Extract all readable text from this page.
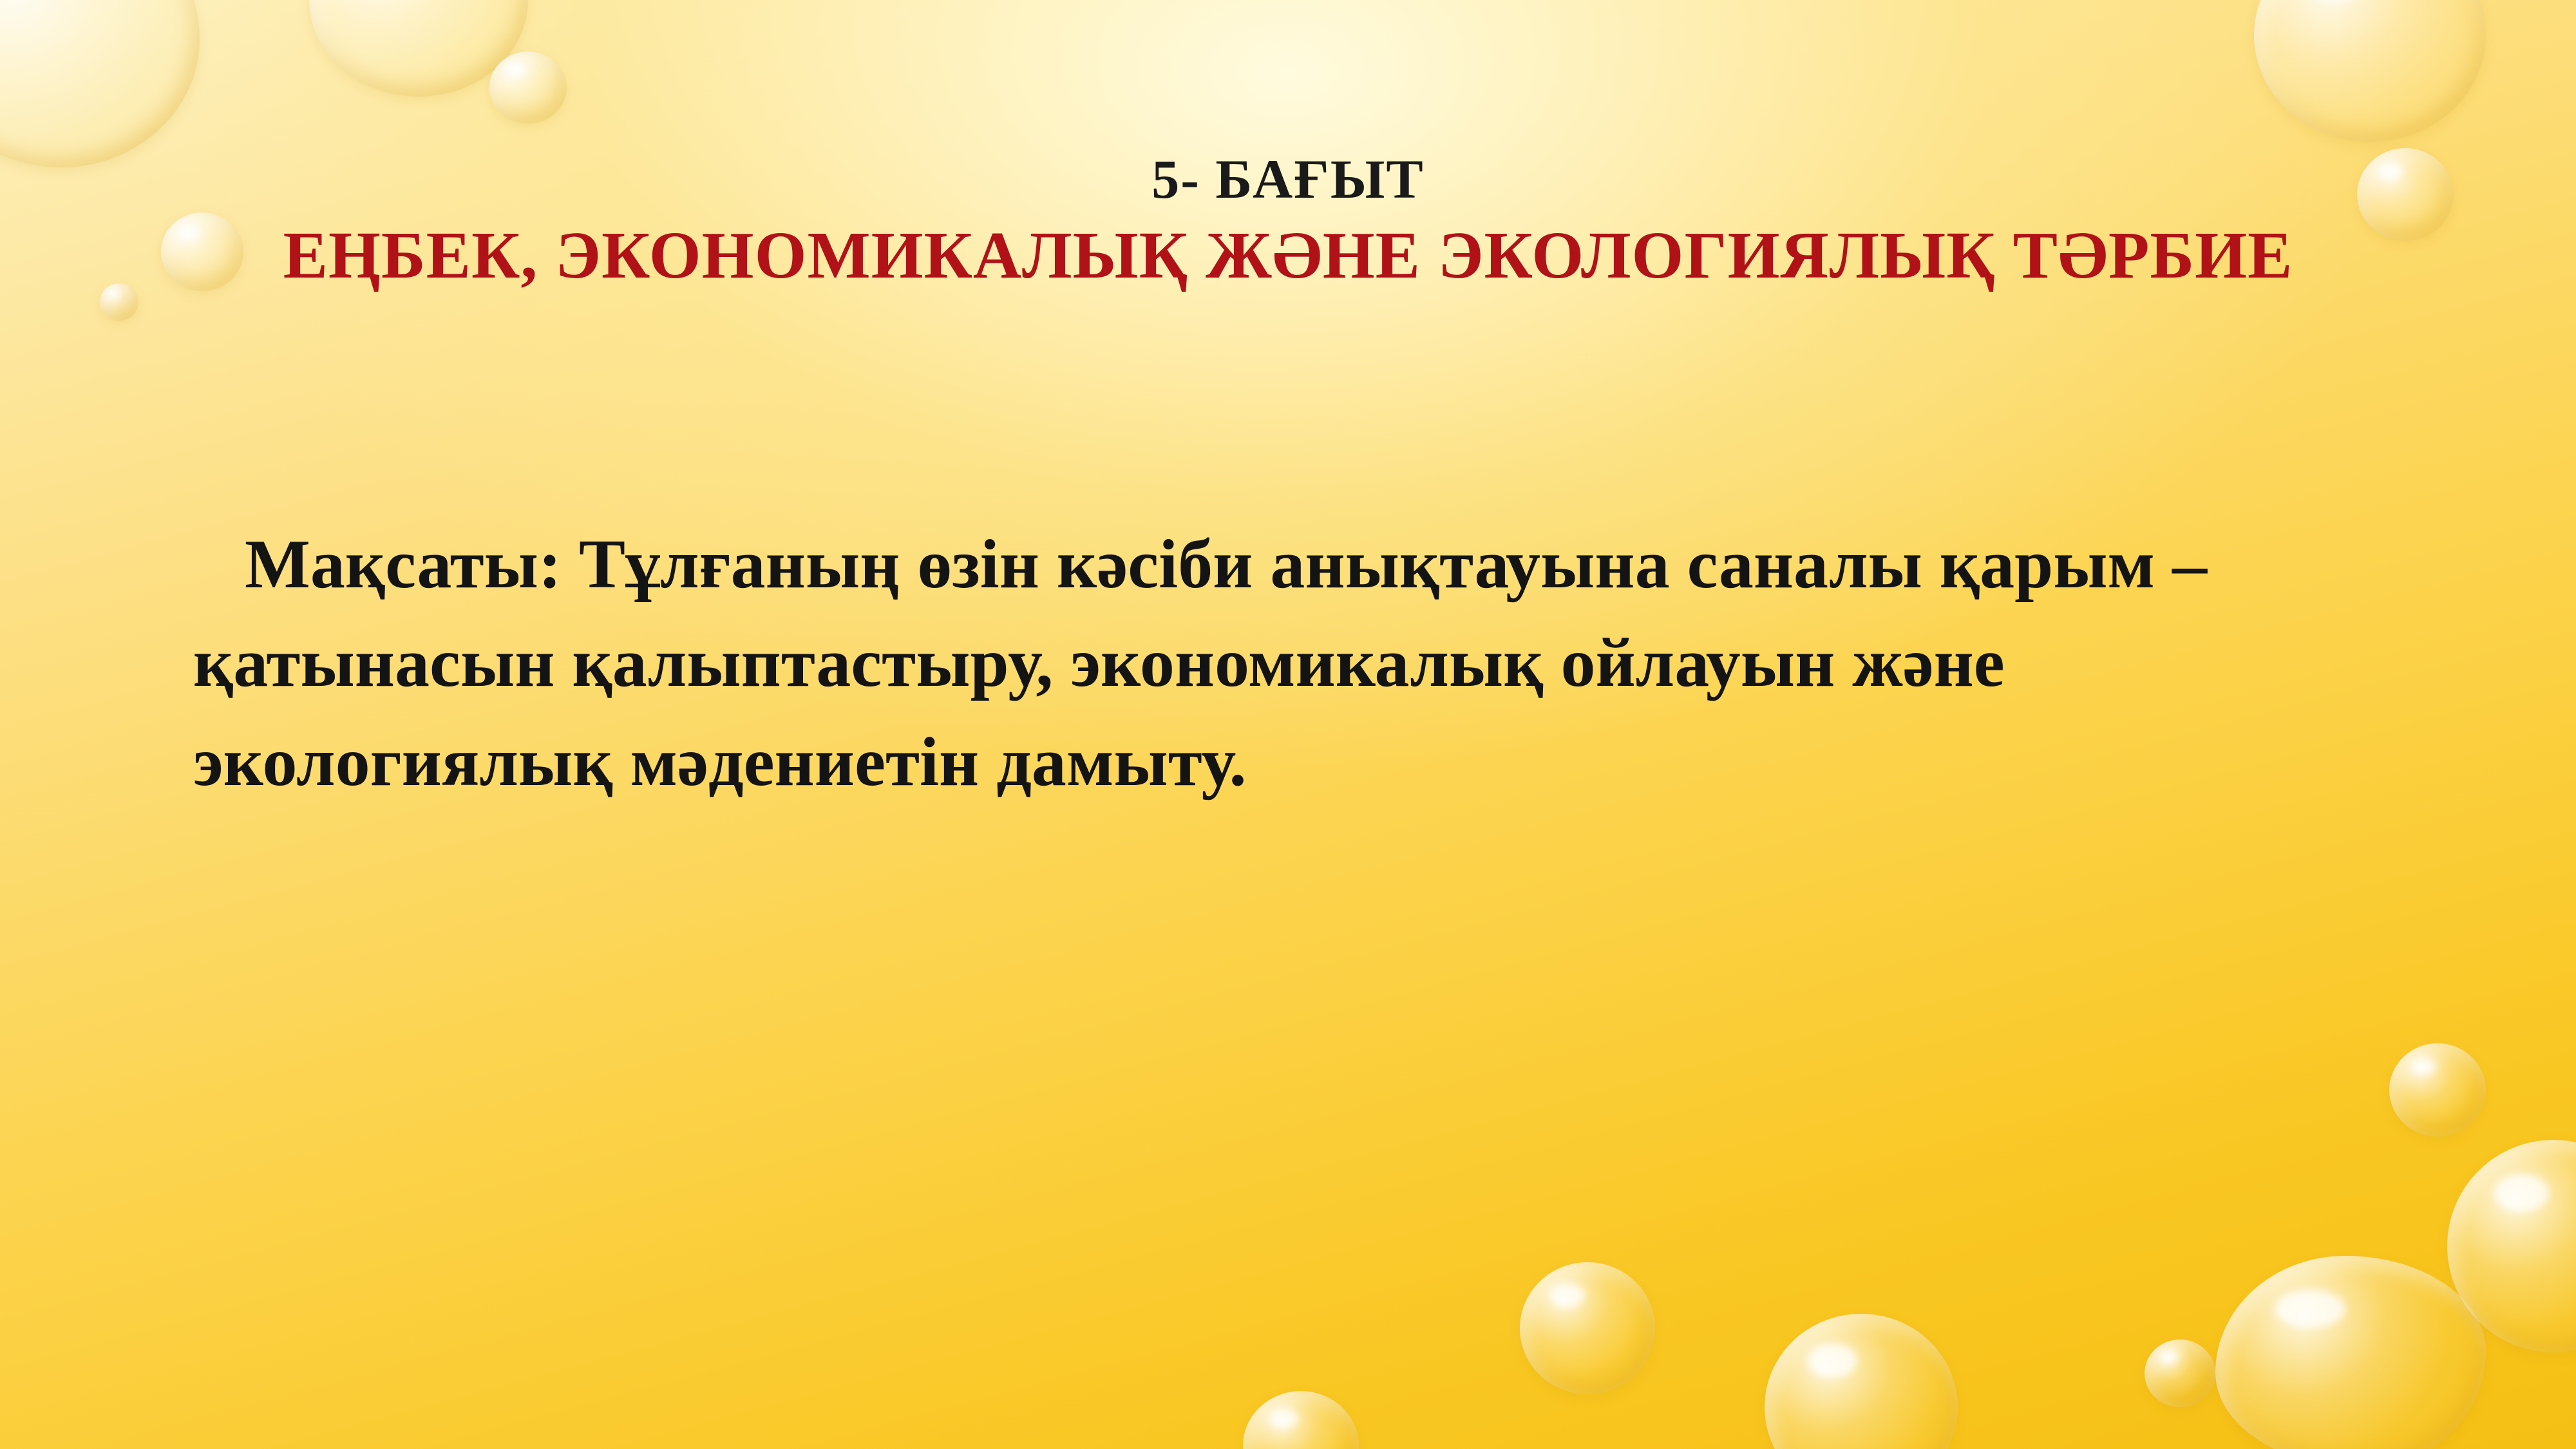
5- БАҒЫТ
ЕҢБЕК, ЭКОНОМИКАЛЫҚ ЖӘНЕ ЭКОЛОГИЯЛЫҚ ТӘРБИЕ

Мақсаты: Тұлғаның өзін кәсіби анықтауына саналы қарым – қатынасын қалыптастыру, экономикалық ойлауын және экологиялық мәдениетін дамыту.
